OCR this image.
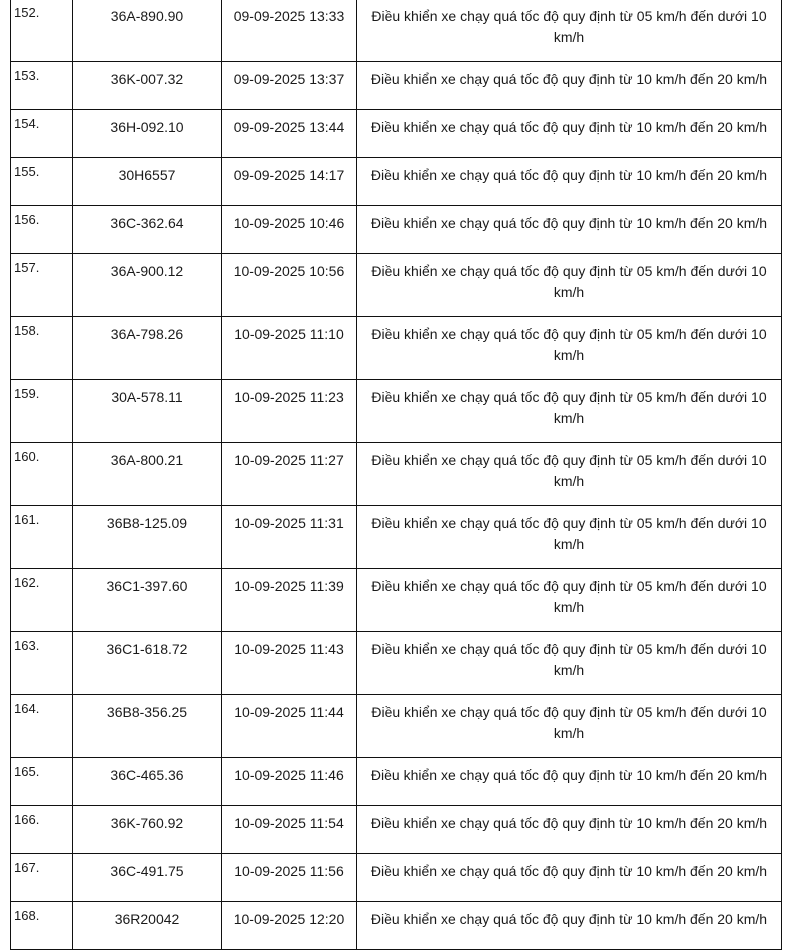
152.	36A-890.90	09-09-2025 13:33	Điều khiển xe chạy quá tốc độ quy định từ 05 km/h đến dưới 10 km/h
153.	36K-007.32	09-09-2025 13:37	Điều khiển xe chạy quá tốc độ quy định từ 10 km/h đến 20 km/h
154.	36H-092.10	09-09-2025 13:44	Điều khiển xe chạy quá tốc độ quy định từ 10 km/h đến 20 km/h
155.	30H6557	09-09-2025 14:17	Điều khiển xe chạy quá tốc độ quy định từ 10 km/h đến 20 km/h
156.	36C-362.64	10-09-2025 10:46	Điều khiển xe chạy quá tốc độ quy định từ 10 km/h đến 20 km/h
157.	36A-900.12	10-09-2025 10:56	Điều khiển xe chạy quá tốc độ quy định từ 05 km/h đến dưới 10 km/h
158.	36A-798.26	10-09-2025 11:10	Điều khiển xe chạy quá tốc độ quy định từ 05 km/h đến dưới 10 km/h
159.	30A-578.11	10-09-2025 11:23	Điều khiển xe chạy quá tốc độ quy định từ 05 km/h đến dưới 10 km/h
160.	36A-800.21	10-09-2025 11:27	Điều khiển xe chạy quá tốc độ quy định từ 05 km/h đến dưới 10 km/h
161.	36B8-125.09	10-09-2025 11:31	Điều khiển xe chạy quá tốc độ quy định từ 05 km/h đến dưới 10 km/h
162.	36C1-397.60	10-09-2025 11:39	Điều khiển xe chạy quá tốc độ quy định từ 05 km/h đến dưới 10 km/h
163.	36C1-618.72	10-09-2025 11:43	Điều khiển xe chạy quá tốc độ quy định từ 05 km/h đến dưới 10 km/h
164.	36B8-356.25	10-09-2025 11:44	Điều khiển xe chạy quá tốc độ quy định từ 05 km/h đến dưới 10 km/h
165.	36C-465.36	10-09-2025 11:46	Điều khiển xe chạy quá tốc độ quy định từ 10 km/h đến 20 km/h
166.	36K-760.92	10-09-2025 11:54	Điều khiển xe chạy quá tốc độ quy định từ 10 km/h đến 20 km/h
167.	36C-491.75	10-09-2025 11:56	Điều khiển xe chạy quá tốc độ quy định từ 10 km/h đến 20 km/h
168.	36R20042	10-09-2025 12:20	Điều khiển xe chạy quá tốc độ quy định từ 10 km/h đến 20 km/h
